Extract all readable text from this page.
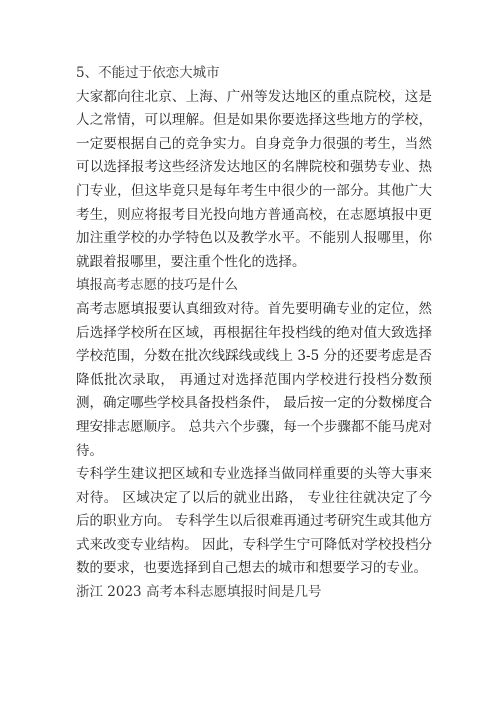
5、不能过于依恋大城市

大家都向往北京、上海、广州等发达地区的重点院校，这是人之常情，可以理解。但是如果你要选择这些地方的学校，一定要根据自己的竞争实力。自身竞争力很强的考生，当然可以选择报考这些经济发达地区的名牌院校和强势专业、热门专业，但这毕竟只是每年考生中很少的一部分。其他广大考生，则应将报考目光投向地方普通高校，在志愿填报中更加注重学校的办学特色以及教学水平。不能别人报哪里，你就跟着报哪里，要注重个性化的选择。

填报高考志愿的技巧是什么

高考志愿填报要认真细致对待。首先要明确专业的定位，然后选择学校所在区域，再根据往年投档线的绝对值大致选择学校范围，分数在批次线踩线或线上 3-5 分的还要考虑是否降低批次录取， 再通过对选择范围内学校进行投档分数预测，确定哪些学校具备投档条件， 最后按一定的分数梯度合理安排志愿顺序。 总共六个步骤，每一个步骤都不能马虎对待。

专科学生建议把区域和专业选择当做同样重要的头等大事来对待。 区域决定了以后的就业出路， 专业往往就决定了今后的职业方向。 专科学生以后很难再通过考研究生或其他方式来改变专业结构。 因此，专科学生宁可降低对学校投档分数的要求，也要选择到自己想去的城市和想要学习的专业。

浙江 2023 高考本科志愿填报时间是几号
